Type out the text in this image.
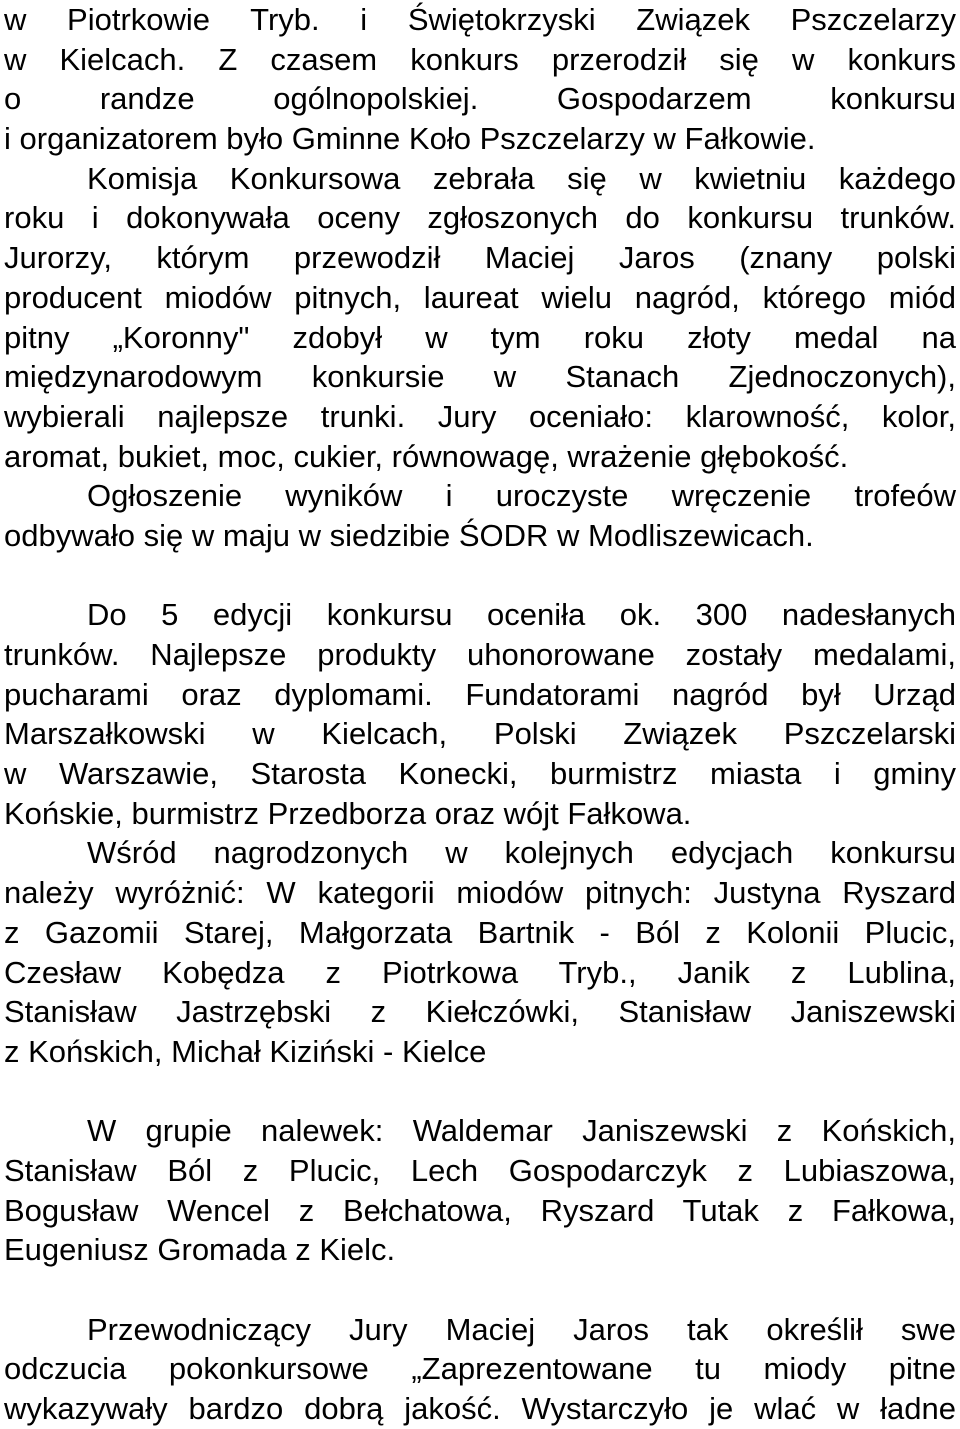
w Piotrkowie Tryb. i Świętokrzyski Związek Pszczelarzy
w Kielcach. Z czasem konkurs przerodził się w konkurs
o randze ogólnopolskiej. Gospodarzem konkursu
i organizatorem było Gminne Koło Pszczelarzy w Fałkowie.
Komisja Konkursowa zebrała się w kwietniu każdego
roku i dokonywała oceny zgłoszonych do konkursu trunków.
Jurorzy, którym przewodził Maciej Jaros (znany polski
producent miodów pitnych, laureat wielu nagród, którego miód
pitny „Koronny" zdobył w tym roku złoty medal na
międzynarodowym konkursie w Stanach Zjednoczonych),
wybierali najlepsze trunki. Jury oceniało: klarowność, kolor,
aromat, bukiet, moc, cukier, równowagę, wrażenie głębokość.
Ogłoszenie wyników i uroczyste wręczenie trofeów
odbywało się w maju w siedzibie ŚODR w Modliszewicach.
Do 5 edycji konkursu oceniła ok. 300 nadesłanych
trunków. Najlepsze produkty uhonorowane zostały medalami,
pucharami oraz dyplomami. Fundatorami nagród był Urząd
Marszałkowski w Kielcach, Polski Związek Pszczelarski
w Warszawie, Starosta Konecki, burmistrz miasta i gminy
Końskie, burmistrz Przedborza oraz wójt Fałkowa.
Wśród nagrodzonych w kolejnych edycjach konkursu
należy wyróżnić: W kategorii miodów pitnych: Justyna Ryszard
z Gazomii Starej, Małgorzata Bartnik - Ból z Kolonii Plucic,
Czesław Kobędza z Piotrkowa Tryb., Janik z Lublina,
Stanisław Jastrzębski z Kiełczówki, Stanisław Janiszewski
z Końskich, Michał Kiziński - Kielce
W grupie nalewek: Waldemar Janiszewski z Końskich,
Stanisław Ból z Plucic, Lech Gospodarczyk z Lubiaszowa,
Bogusław Wencel z Bełchatowa, Ryszard Tutak z Fałkowa,
Eugeniusz Gromada z Kielc.
Przewodniczący Jury Maciej Jaros tak określił swe
odczucia pokonkursowe „Zaprezentowane tu miody pitne
wykazywały bardzo dobrą jakość. Wystarczyło je wlać w ładne
